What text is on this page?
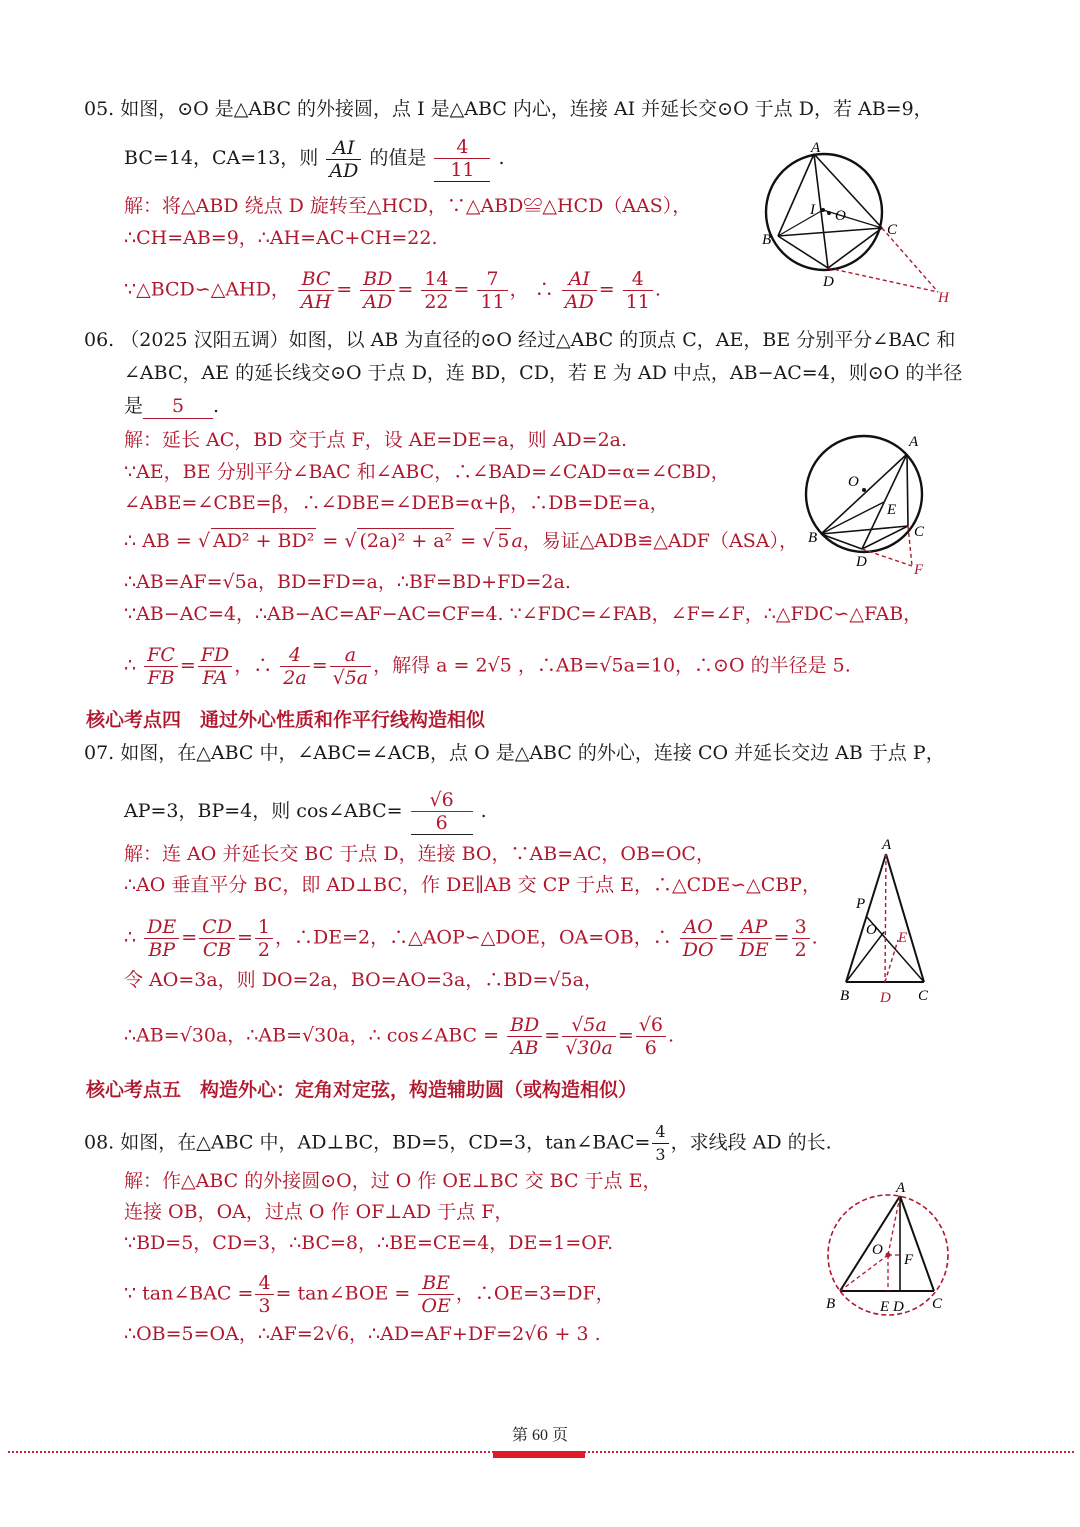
05. 如图，⊙O 是△ABC 的外接圆，点 I 是△ABC 内心，连接 AI 并延长交⊙O 于点 D，若 AB=9，
BC=14，CA=13，则 $\frac{AI}{AD}$ 的值是 $\frac{4}{11}$ .
解：将△ABD 绕点 D 旋转至△HCD，∵△ABD≌△HCD（AAS），
∴CH=AB=9，∴AH=AC+CH=22.
∵△BCD∽△AHD， $\frac{BC}{AH} = \frac{BD}{AD} = \frac{14}{22} = \frac{7}{11}$ ， ∴ $\frac{AI}{AD} = \frac{4}{11}$ .
A
I O
B
C
D
H
06. （2025 汉阳五调）如图，以 AB 为直径的⊙O 经过△ABC 的顶点 C，AE，BE 分别平分∠BAC 和
∠ABC，AE 的延长线交⊙O 于点 D，连 BD，CD，若 E 为 AD 中点，AB−AC=4，则⊙O 的半径
是 5 .
解：延长 AC，BD 交于点 F，设 AE=DE=a，则 AD=2a.
∵AE，BE 分别平分∠BAC 和∠ABC，∴∠BAD=∠CAD=α=∠CBD，
∠ABE=∠CBE=β，∴∠DBE=∠DEB=α+β，∴DB=DE=a，
∴ AB = √ AD² + BD² = √ (2a)² + a² = √ 5 a，易证△ADB≌△ADF（ASA），
∴AB=AF=√5a，BD=FD=a，∴BF=BD+FD=2a.
∵AB−AC=4，∴AB−AC=AF−AC=CF=4. ∵∠FDC=∠FAB，∠F=∠F，∴△FDC∽△FAB，
∴ $\frac{FC}{FB} = \frac{FD}{FA}$ ，∴ $\frac{4}{2a} = \frac{a}{√5a}$ ，解得 a = 2√5 ，∴AB=√5a=10，∴⊙O 的半径是 5.
A
O
E
C
B
D	F
核心考点四　通过外心性质和作平行线构造相似
07. 如图，在△ABC 中，∠ABC=∠ACB，点 O 是△ABC 的外心，连接 CO 并延长交边 AB 于点 P，
AP=3，BP=4，则 cos∠ABC= $\frac{√6}{6}$ .
解：连 AO 并延长交 BC 于点 D，连接 BO，∵AB=AC，OB=OC，
∴AO 垂直平分 BC，即 AD⊥BC，作 DE∥AB 交 CP 于点 E，∴△CDE∽△CBP，
∴ $\frac{DE}{BP} = \frac{CD}{CB} = \frac{1}{2}$ ，∴DE=2，∴△AOP∽△DOE，OA=OB，∴ $\frac{AO}{DO} = \frac{AP}{DE} = \frac{3}{2}$ .
令 AO=3a，则 DO=2a，BO=AO=3a，∴BD=√5a，
∴AB=√30a，∴AB=√30a，∴ cos∠ABC = $\frac{BD}{AB} = \frac{√5a}{√30a} = \frac{√6}{6}$ .
A
P
O E
B D C
核心考点五　构造外心：定角对定弦，构造辅助圆（或构造相似）
08. 如图，在△ABC 中，AD⊥BC，BD=5，CD=3，tan∠BAC= $\frac{4}{3}$ ，求线段 AD 的长.
解：作△ABC 的外接圆⊙O，过 O 作 OE⊥BC 交 BC 于点 E，
连接 OB，OA，过点 O 作 OF⊥AD 于点 F，
∵BD=5，CD=3，∴BC=8，∴BE=CE=4，DE=1=OF.
∵ tan∠BAC = $\frac{4}{3}$ = tan∠BOE = $\frac{BE}{OE}$ ，∴OE=3=DF，
∴OB=5=OA，∴AF=2√6，∴AD=AF+DF=2√6 + 3 .
A
O
F
B	E D C
第 60 页
